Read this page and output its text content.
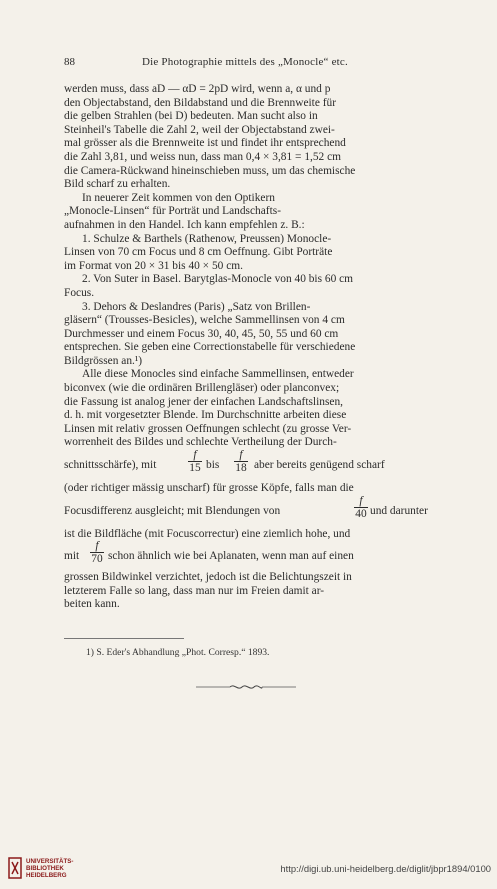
88	Die Photographie mittels des „Monocle“ etc.
werden muss, dass aD — αD = 2pD wird, wenn a, α und p
den Objectabstand, den Bildabstand und die Brennweite für
die gelben Strahlen (bei D) bedeuten. Man sucht also in
Steinheil's Tabelle die Zahl 2, weil der Objectabstand zwei-
mal grösser als die Brennweite ist und findet ihr entsprechend
die Zahl 3,81, und weiss nun, dass man 0,4 × 3,81 = 1,52 cm
die Camera-Rückwand hineinschieben muss, um das chemische
Bild scharf zu erhalten.
In neuerer Zeit kommen von den Optikern
„Monocle-Linsen“ für Porträt und Landschafts-
aufnahmen in den Handel. Ich kann empfehlen z. B.:
1. Schulze & Barthels (Rathenow, Preussen) Monocle-
Linsen von 70 cm Focus und 8 cm Oeffnung. Gibt Porträte
im Format von 20 × 31 bis 40 × 50 cm.
2. Von Suter in Basel. Barytglas-Monocle von 40 bis 60 cm
Focus.
3. Dehors & Deslandres (Paris) „Satz von Brillen-
gläsern“ (Trousses-Besicles), welche Sammellinsen von 4 cm
Durchmesser und einem Focus 30, 40, 45, 50, 55 und 60 cm
entsprechen. Sie geben eine Correctionstabelle für verschiedene
Bildgrössen an.¹)
Alle diese Monocles sind einfache Sammellinsen, entweder
biconvex (wie die ordinären Brillengläser) oder planconvex;
die Fassung ist analog jener der einfachen Landschaftslinsen,
d. h. mit vorgesetzter Blende. Im Durchschnitte arbeiten diese
Linsen mit relativ grossen Oeffnungen schlecht (zu grosse Ver-
worrenheit des Bildes und schlechte Vertheilung der Durch-
schnittsschärfe), mit	$\frac{f}{15}$ bis $\frac{f}{18}$ aber bereits genügend scharf
(oder richtiger mässig unscharf) für grosse Köpfe, falls man die
Focusdifferenz ausgleicht; mit Blendungen von	$\frac{f}{40}$ und darunter
ist die Bildfläche (mit Focuscorrectur) eine ziemlich hohe, und
mit $\frac{f}{70}$ schon ähnlich wie bei Aplanaten, wenn man auf einen
grossen Bildwinkel verzichtet, jedoch ist die Belichtungszeit in
letzterem Falle so lang, dass man nur im Freien damit ar-
beiten kann.
1) S. Eder's Abhandlung „Phot. Corresp.“ 1893.
UNIVERSITÄTS-
BIBLIOTHEK
HEIDELBERG
http://digi.ub.uni-heidelberg.de/diglit/jbpr1894/0100
